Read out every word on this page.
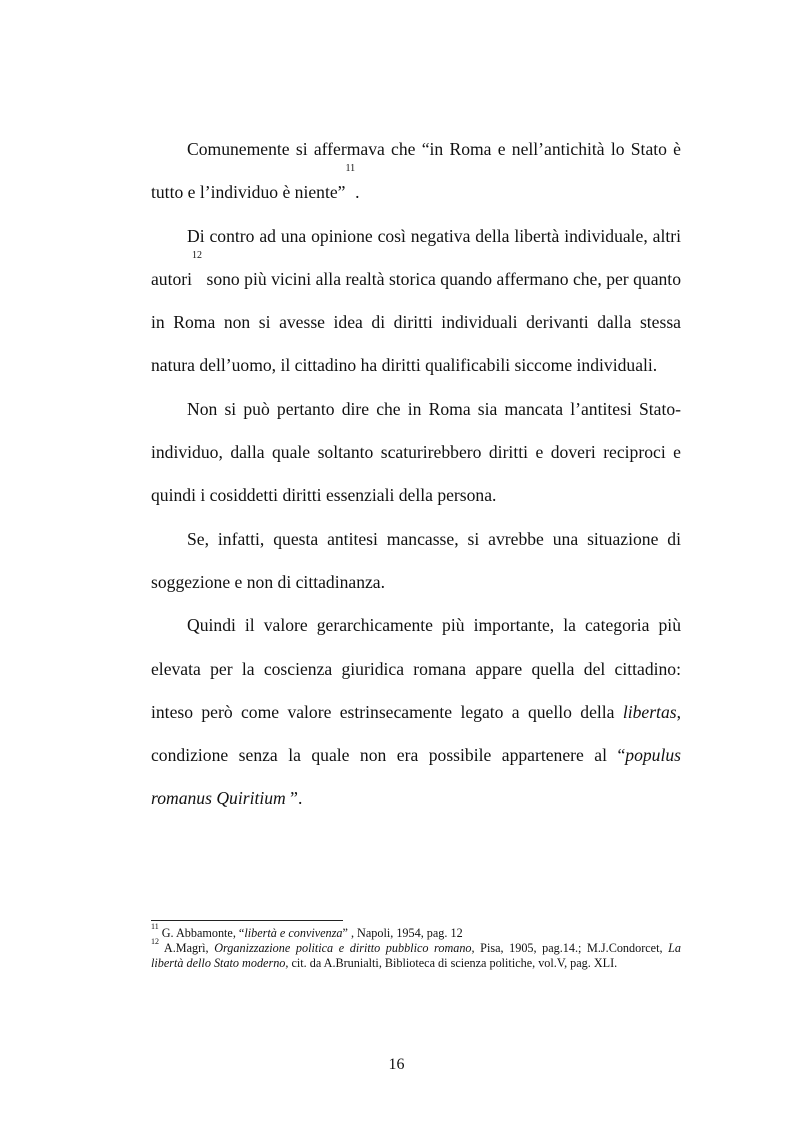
Comunemente si affermava che “in Roma e nell’antichità lo Stato è tutto e l’individuo è niente”$^{11}$.

Di contro ad una opinione così negativa della libertà individuale, altri autori$^{12}$ sono più vicini alla realtà storica quando affermano che, per quanto in Roma non si avesse idea di diritti individuali derivanti dalla stessa natura dell’uomo, il cittadino ha diritti qualificabili siccome individuali.

Non si può pertanto dire che in Roma sia mancata l’antitesi Stato-individuo, dalla quale soltanto scaturirebbero diritti e doveri reciproci e quindi i cosiddetti diritti essenziali della persona.

Se, infatti, questa antitesi mancasse, si avrebbe una situazione di soggezione e non di cittadinanza.

Quindi il valore gerarchicamente più importante, la categoria più elevata per la coscienza giuridica romana appare quella del cittadino: inteso però come valore estrinsecamente legato a quello della libertas, condizione senza la quale non era possibile appartenere al “populus romanus Quiritium ”.

$^{11}$ G. Abbamonte, “libertà e convivenza” , Napoli, 1954, pag. 12

$^{12}$ A.Magrì, Organizzazione politica e diritto pubblico romano, Pisa, 1905, pag.14.; M.J.Condorcet, La libertà dello Stato moderno, cit. da A.Brunialti, Biblioteca di scienza politiche, vol.V, pag. XLI.

16
